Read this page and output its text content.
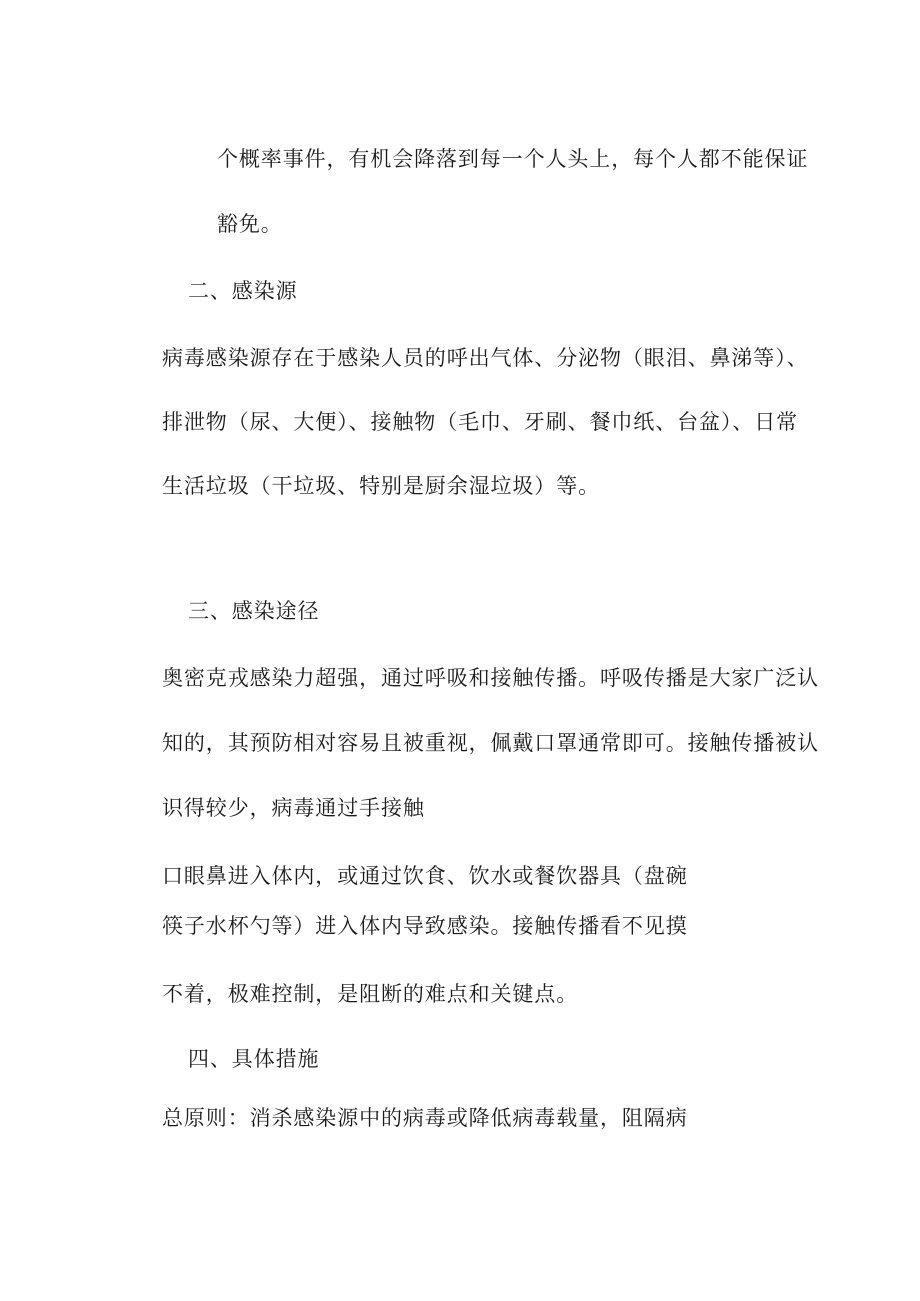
个概率事件，有机会降落到每一个人头上，每个人都不能保证
豁免。
二、感染源
病毒感染源存在于感染人员的呼出气体、分泌物（眼泪、鼻涕等）、
排泄物（尿、大便）、接触物（毛巾、牙刷、餐巾纸、台盆）、日常
生活垃圾（干垃圾、特别是厨余湿垃圾）等。
三、感染途径
奥密克戎感染力超强，通过呼吸和接触传播。呼吸传播是大家广泛认
知的，其预防相对容易且被重视，佩戴口罩通常即可。接触传播被认
识得较少，病毒通过手接触
口眼鼻进入体内，或通过饮食、饮水或餐饮器具（盘碗
筷子水杯勺等）进入体内导致感染。接触传播看不见摸
不着，极难控制，是阻断的难点和关键点。
四、具体措施
总原则：消杀感染源中的病毒或降低病毒载量，阻隔病
